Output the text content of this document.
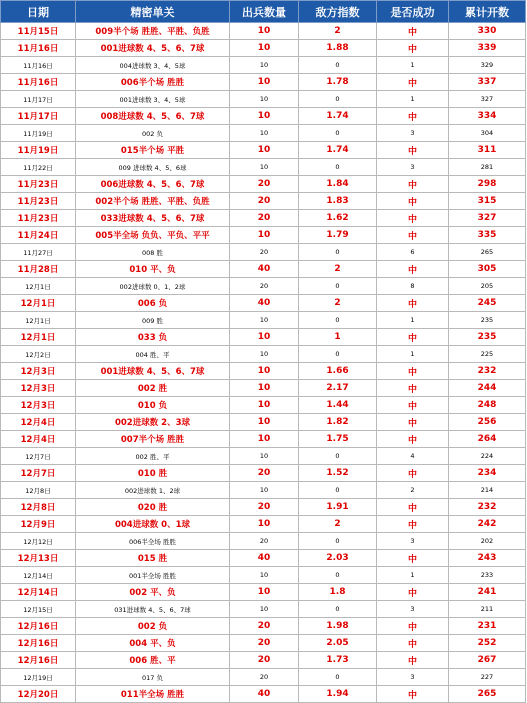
日期	精密单关	出兵数量	敌方指数	是否成功	累计开数
11月15日	009半个场 胜胜、平胜、负胜	10	2	中	330
11月16日	001进球数 4、5、6、7球	10	1.88	中	339
11月16日	004进球数 3、4、5球	10	0	1	329
11月16日	006半个场 胜胜	10	1.78	中	337
11月17日	001进球数 3、4、5球	10	0	1	327
11月17日	008进球数 4、5、6、7球	10	1.74	中	334
11月19日	002 负	10	0	3	304
11月19日	015半个场 平胜	10	1.74	中	311
11月22日	009 进球数 4、5、6球	10	0	3	281
11月23日	006进球数 4、5、6、7球	20	1.84	中	298
11月23日	002半个场 胜胜、平胜、负胜	20	1.83	中	315
11月23日	033进球数 4、5、6、7球	20	1.62	中	327
11月24日	005半全场 负负、平负、平平	10	1.79	中	335
11月27日	008 胜	20	0	6	265
11月28日	010 平、负	40	2	中	305
12月1日	002进球数 0、1、2球	20	0	8	205
12月1日	006 负	40	2	中	245
12月1日	009 胜	10	0	1	235
12月1日	033 负	10	1	中	235
12月2日	004 胜、平	10	0	1	225
12月3日	001进球数 4、5、6、7球	10	1.66	中	232
12月3日	002 胜	10	2.17	中	244
12月3日	010 负	10	1.44	中	248
12月4日	002进球数 2、3球	10	1.82	中	256
12月4日	007半个场 胜胜	10	1.75	中	264
12月7日	002 胜、平	10	0	4	224
12月7日	010 胜	20	1.52	中	234
12月8日	002进球数 1、2球	10	0	2	214
12月8日	020 胜	20	1.91	中	232
12月9日	004进球数 0、1球	10	2	中	242
12月12日	006半全场 胜胜	20	0	3	202
12月13日	015 胜	40	2.03	中	243
12月14日	001半全场 胜胜	10	0	1	233
12月14日	002 平、负	10	1.8	中	241
12月15日	031进球数 4、5、6、7球	10	0	3	211
12月16日	002 负	20	1.98	中	231
12月16日	004 平、负	20	2.05	中	252
12月16日	006 胜、平	20	1.73	中	267
12月19日	017 负	20	0	3	227
12月20日	011半全场 胜胜	40	1.94	中	265
